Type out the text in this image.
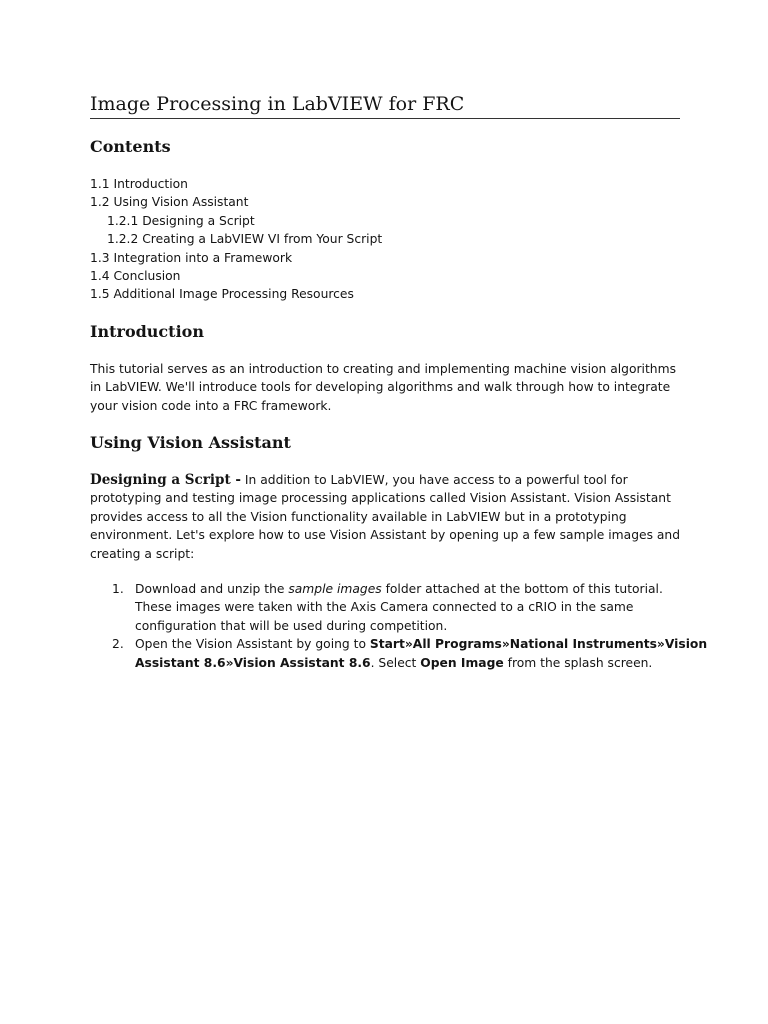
Image Processing in LabVIEW for FRC
Contents
1.1 Introduction
1.2 Using Vision Assistant
1.2.1 Designing a Script
1.2.2 Creating a LabVIEW VI from Your Script
1.3 Integration into a Framework
1.4 Conclusion
1.5 Additional Image Processing Resources
Introduction
This tutorial serves as an introduction to creating and implementing machine vision algorithms
in LabVIEW. We'll introduce tools for developing algorithms and walk through how to integrate
your vision code into a FRC framework.
Using Vision Assistant
Designing a Script - In addition to LabVIEW, you have access to a powerful tool for
prototyping and testing image processing applications called Vision Assistant. Vision Assistant
provides access to all the Vision functionality available in LabVIEW but in a prototyping
environment. Let's explore how to use Vision Assistant by opening up a few sample images and
creating a script:
1. Download and unzip the sample images folder attached at the bottom of this tutorial.
These images were taken with the Axis Camera connected to a cRIO in the same
configuration that will be used during competition.
2. Open the Vision Assistant by going to Start»All Programs»National Instruments»Vision
Assistant 8.6»Vision Assistant 8.6. Select Open Image from the splash screen.
